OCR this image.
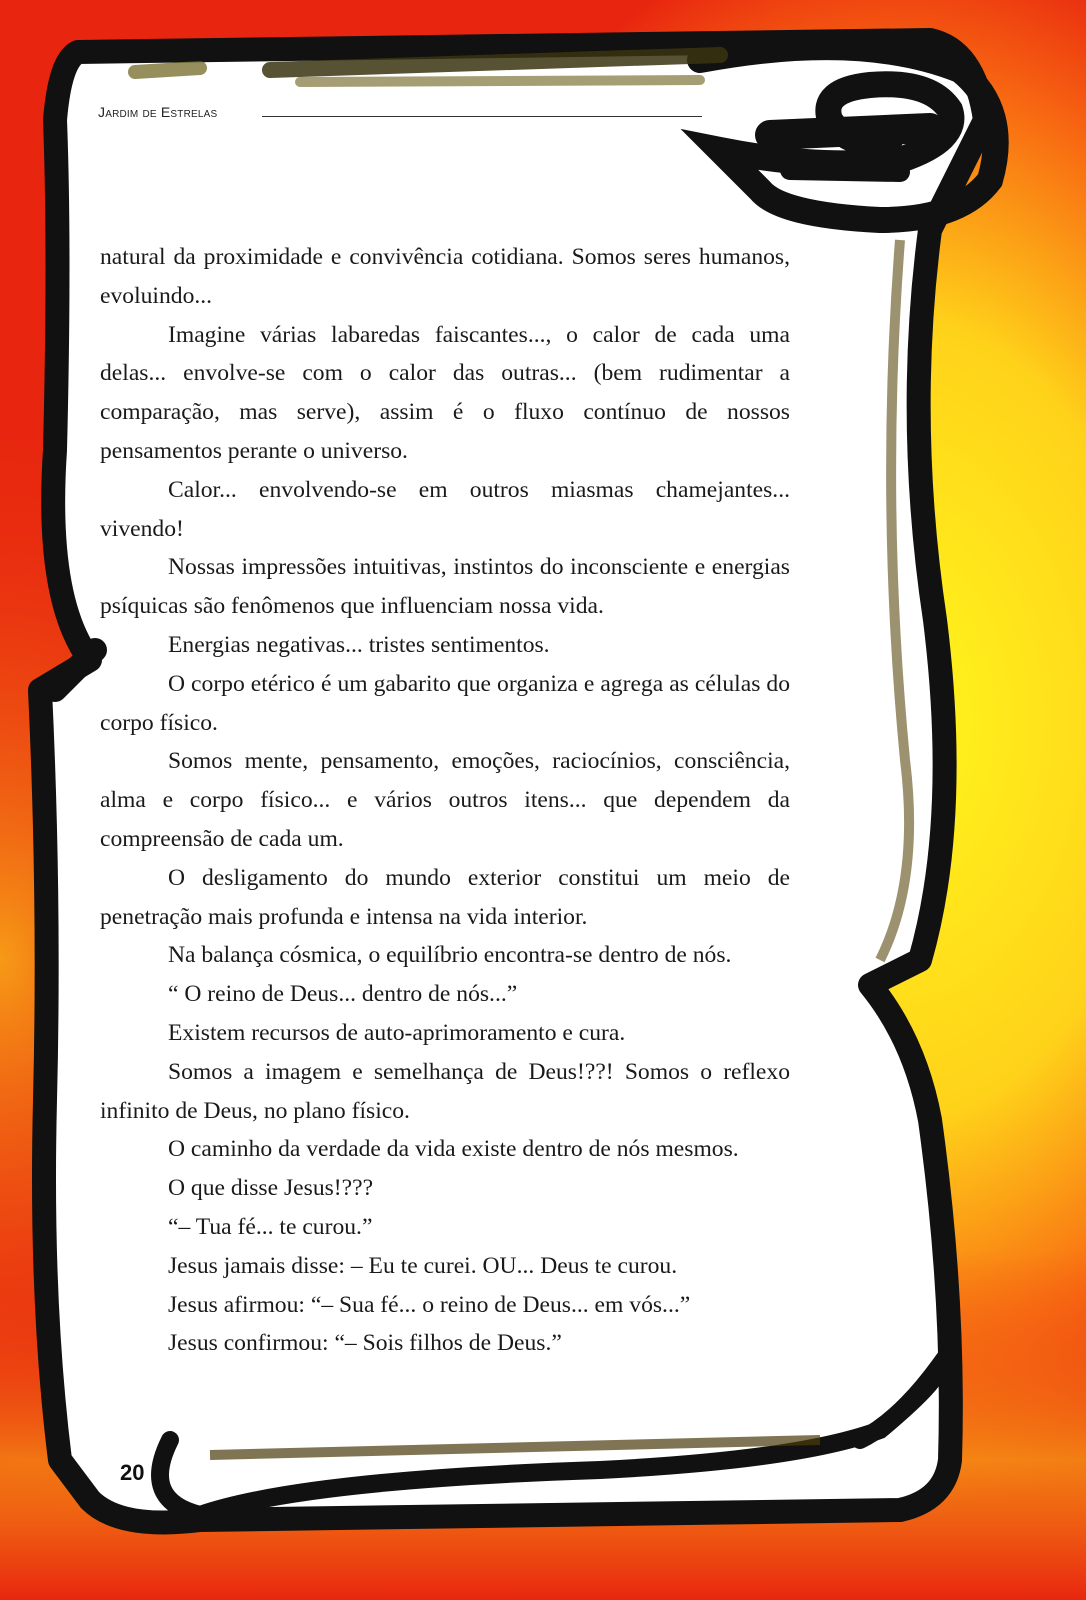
Jardim de Estrelas

natural da proximidade e convivência cotidiana. Somos seres humanos, evoluindo...

Imagine várias labaredas faiscantes..., o calor de cada uma delas... envolve-se com o calor das outras... (bem rudimentar a comparação, mas serve), assim é o fluxo contínuo de nossos pensamentos perante o universo.

Calor... envolvendo-se em outros miasmas chamejantes... vivendo!

Nossas impressões intuitivas, instintos do inconsciente e energias psíquicas são fenômenos que influenciam nossa vida.

Energias negativas... tristes sentimentos.

O corpo etérico é um gabarito que organiza e agrega as células do corpo físico.

Somos mente, pensamento, emoções, raciocínios, consciência, alma e corpo físico... e vários outros itens... que dependem da compreensão de cada um.

O desligamento do mundo exterior constitui um meio de penetração mais profunda e intensa na vida interior.

Na balança cósmica, o equilíbrio encontra-se dentro de nós.

“ O reino de Deus... dentro de nós...”

Existem recursos de auto-aprimoramento e cura.

Somos a imagem e semelhança de Deus!??! Somos o reflexo infinito de Deus, no plano físico.

O caminho da verdade da vida existe dentro de nós mesmos.

O que disse Jesus!???

“– Tua fé... te curou.”

Jesus jamais disse: – Eu te curei. OU... Deus te curou.

Jesus afirmou: “– Sua fé... o reino de Deus... em vós...”

Jesus confirmou: “– Sois filhos de Deus.”

20
